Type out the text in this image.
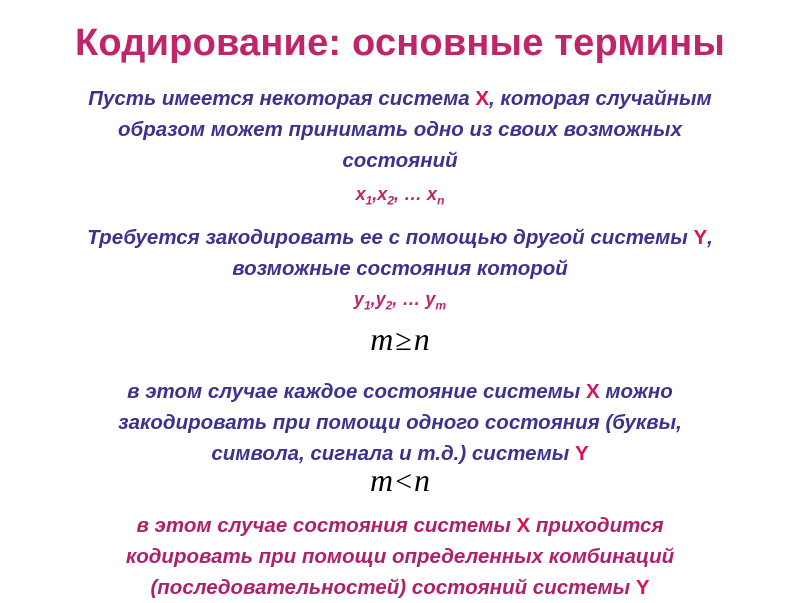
Кодирование: основные термины
Пусть имеется некоторая система X, которая случайным
образом может принимать одно из своих возможных
состояний
$x_1,x_2$, … $x_n$
Требуется закодировать ее с помощью другой системы Y,
возможные состояния которой
$y_1,y_2$, … $y_m$
m≥n
в этом случае каждое состояние системы X можно
закодировать при помощи одного состояния (буквы,
символа, сигнала и т.д.) системы Y
m<n
в этом случае состояния системы X приходится
кодировать при помощи определенных комбинаций
(последовательностей) состояний системы Y
